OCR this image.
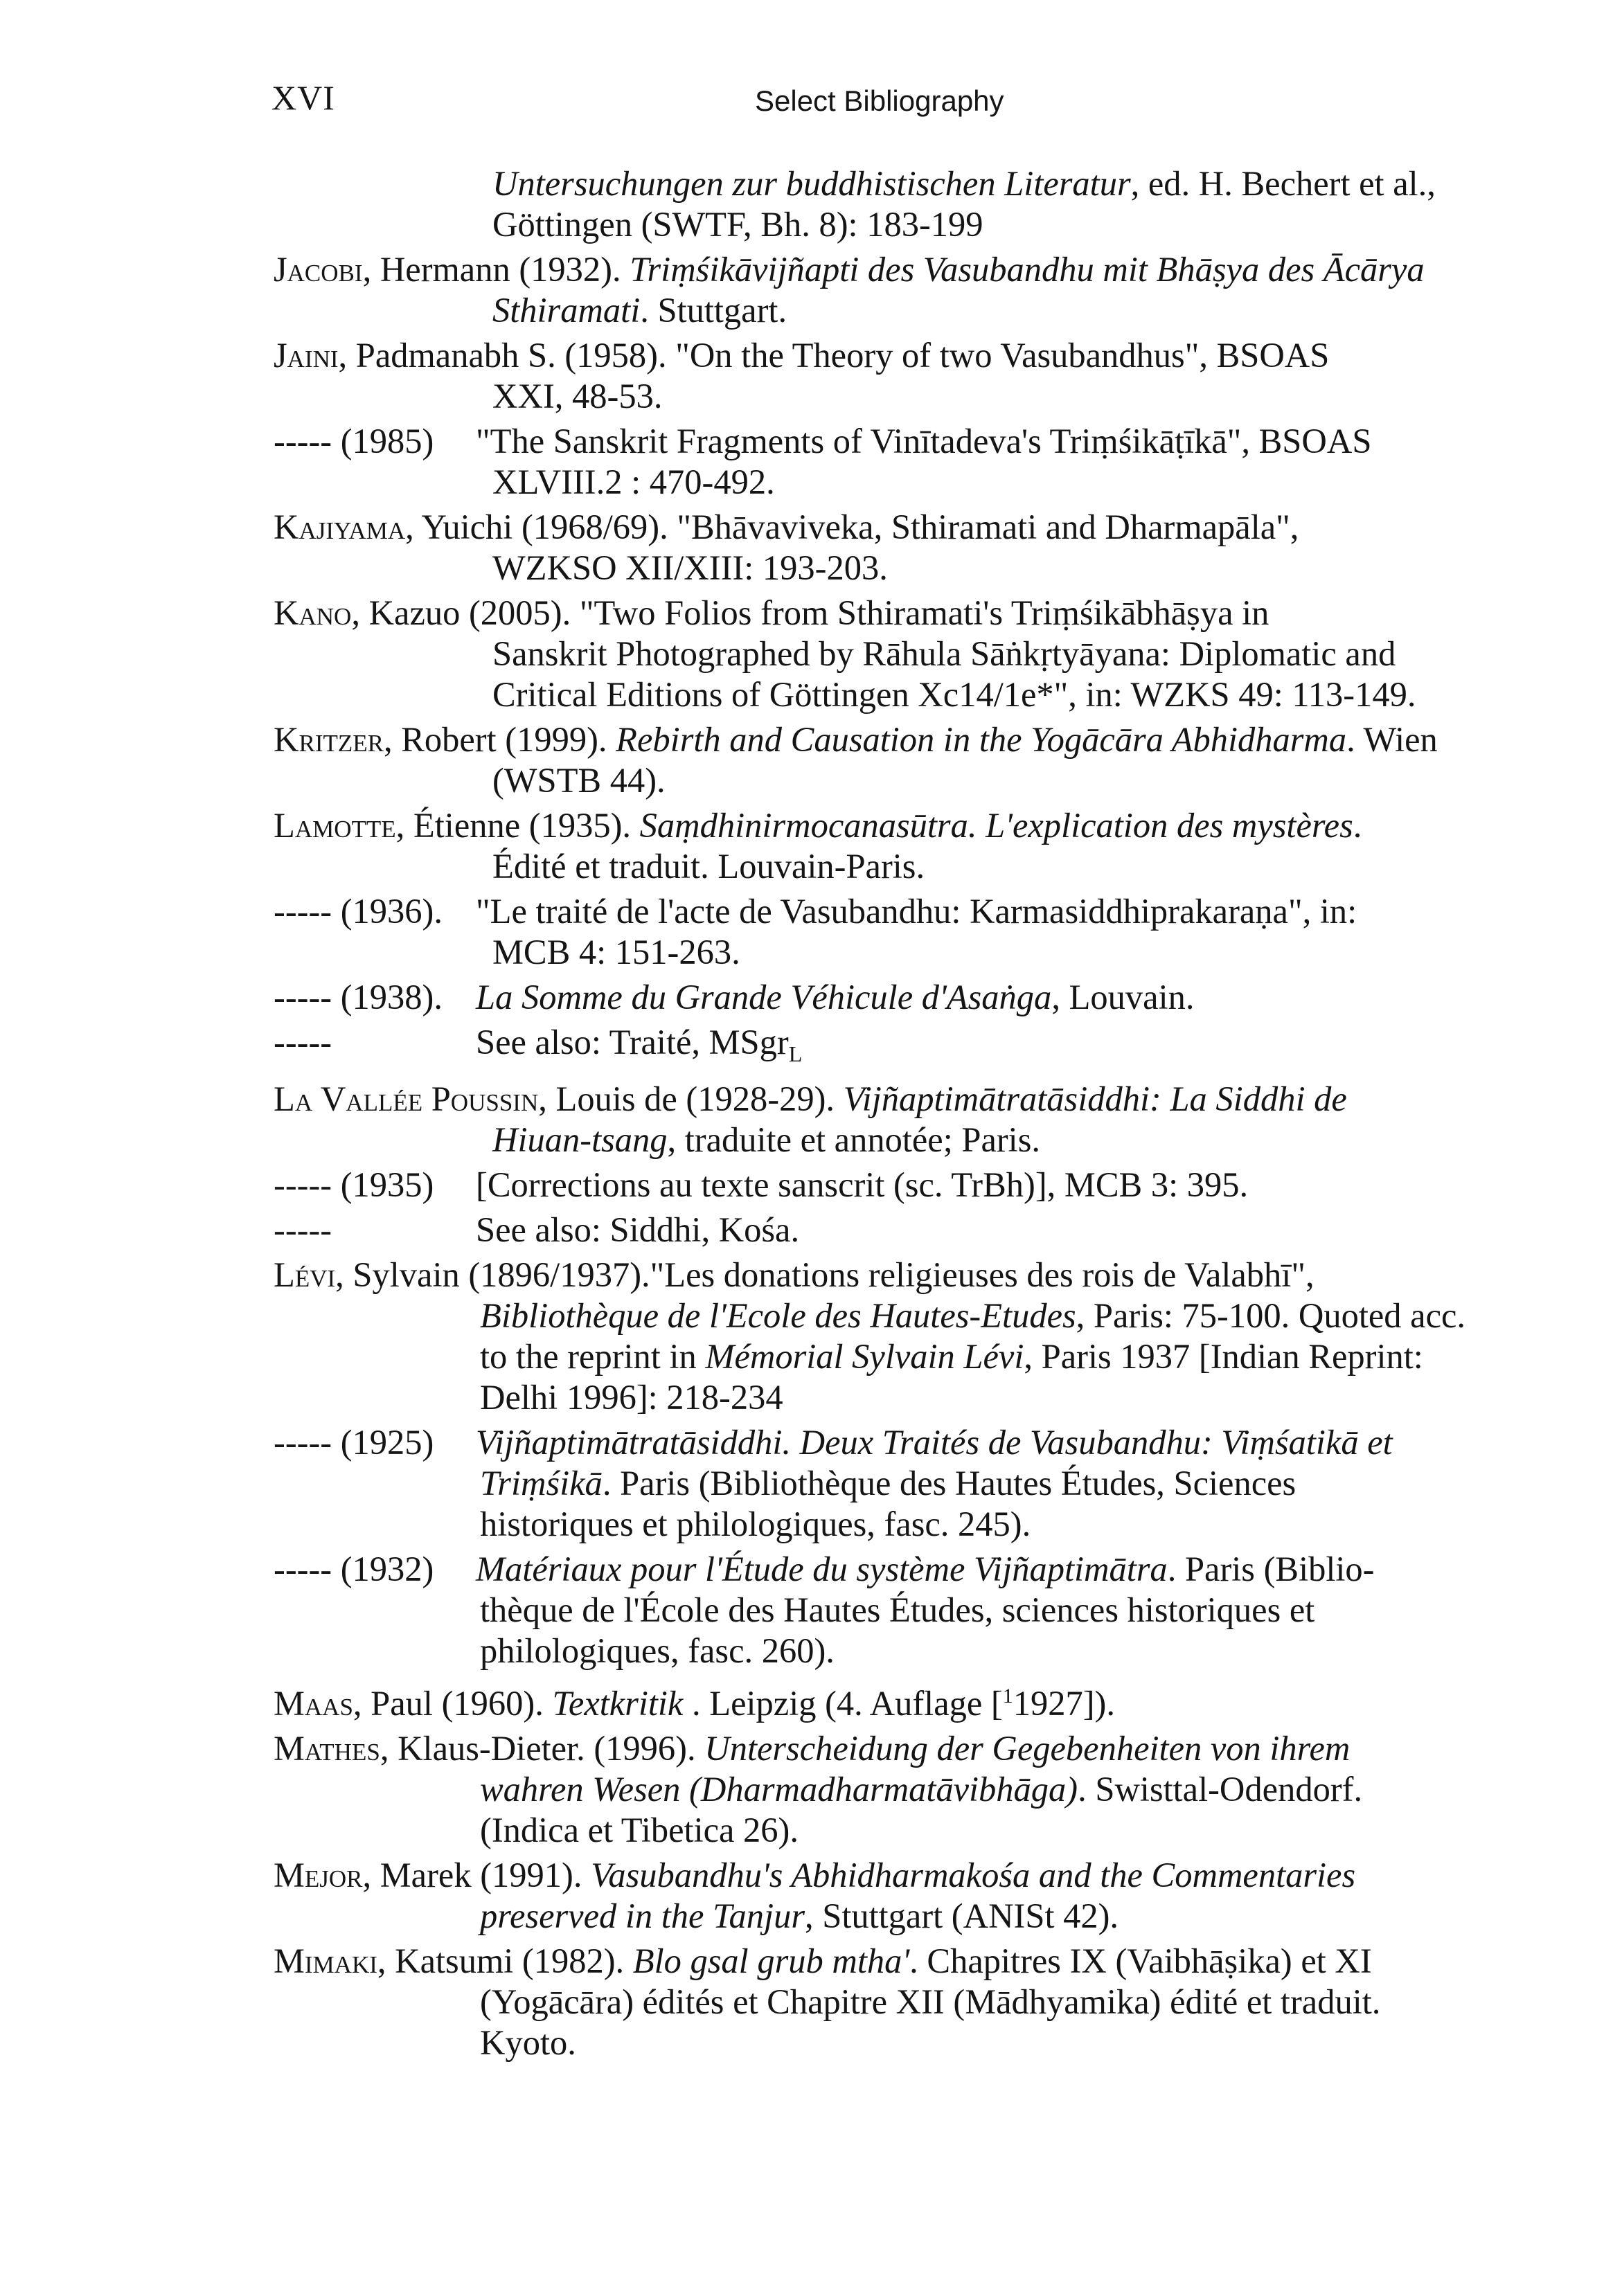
XVI	Select Bibliography
Untersuchungen zur buddhistischen Literatur, ed. H. Bechert et al.,
Göttingen (SWTF, Bh. 8): 183-199
Jacobi, Hermann (1932). Triṃśikāvijñapti des Vasubandhu mit Bhāṣya des Ācārya
Sthiramati. Stuttgart.
Jaini, Padmanabh S. (1958). "On the Theory of two Vasubandhus", BSOAS
XXI, 48-53.
----- (1985) "The Sanskrit Fragments of Vinītadeva's Triṃśikāṭīkā", BSOAS
XLVIII.2 : 470-492.
Kajiyama, Yuichi (1968/69). "Bhāvaviveka, Sthiramati and Dharmapāla",
WZKSO XII/XIII: 193-203.
Kano, Kazuo (2005). "Two Folios from Sthiramati's Triṃśikābhāṣya in
Sanskrit Photographed by Rāhula Sāṅkṛtyāyana: Diplomatic and
Critical Editions of Göttingen Xc14/1e*", in: WZKS 49: 113-149.
Kritzer, Robert (1999). Rebirth and Causation in the Yogācāra Abhidharma. Wien
(WSTB 44).
Lamotte, Étienne (1935). Saṃdhinirmocanasūtra. L'explication des mystères.
Édité et traduit. Louvain-Paris.
----- (1936). "Le traité de l'acte de Vasubandhu: Karmasiddhiprakaraṇa", in:
MCB 4: 151-263.
----- (1938). La Somme du Grande Véhicule d'Asaṅga, Louvain.
-----	See also: Traité, MSgr$_L$
La Vallée Poussin, Louis de (1928-29). Vijñaptimātratāsiddhi: La Siddhi de
Hiuan-tsang, traduite et annotée; Paris.
----- (1935) [Corrections au texte sanscrit (sc. TrBh)], MCB 3: 395.
-----	See also: Siddhi, Kośa.
Lévi, Sylvain (1896/1937)."Les donations religieuses des rois de Valabhī",
Bibliothèque de l'Ecole des Hautes-Etudes, Paris: 75-100. Quoted acc.
to the reprint in Mémorial Sylvain Lévi, Paris 1937 [Indian Reprint:
Delhi 1996]: 218-234
----- (1925) Vijñaptimātratāsiddhi. Deux Traités de Vasubandhu: Viṃśatikā et
Triṃśikā. Paris (Bibliothèque des Hautes Études, Sciences
historiques et philologiques, fasc. 245).
----- (1932) Matériaux pour l'Étude du système Vijñaptimātra. Paris (Biblio-
thèque de l'École des Hautes Études, sciences historiques et
philologiques, fasc. 260).
Maas, Paul (1960). Textkritik . Leipzig (4. Auflage [$^1$1927]).
Mathes, Klaus-Dieter. (1996). Unterscheidung der Gegebenheiten von ihrem
wahren Wesen (Dharmadharmatāvibhāga). Swisttal-Odendorf.
(Indica et Tibetica 26).
Mejor, Marek (1991). Vasubandhu's Abhidharmakośa and the Commentaries
preserved in the Tanjur, Stuttgart (ANISt 42).
Mimaki, Katsumi (1982). Blo gsal grub mtha'. Chapitres IX (Vaibhāṣika) et XI
(Yogācāra) édités et Chapitre XII (Mādhyamika) édité et traduit.
Kyoto.
